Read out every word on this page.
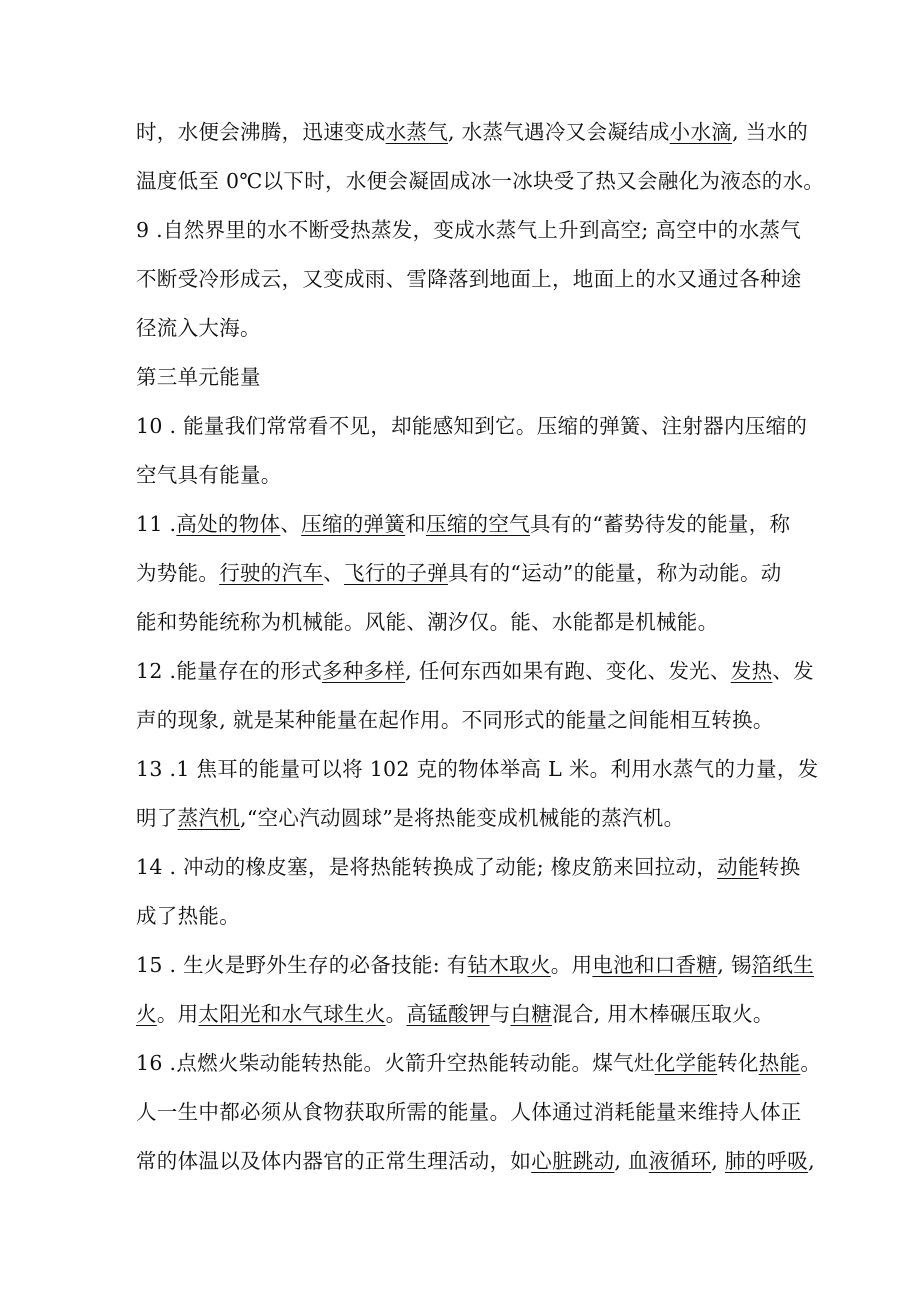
时，水便会沸腾，迅速变成水蒸气, 水蒸气遇冷又会凝结成小水滴, 当水的
温度低至 0℃以下时，水便会凝固成冰一冰块受了热又会融化为液态的水。
9 .自然界里的水不断受热蒸发，变成水蒸气上升到高空; 高空中的水蒸气
不断受冷形成云，又变成雨、雪降落到地面上，地面上的水又通过各种途
径流入大海。
第三单元能量
10 . 能量我们常常看不见，却能感知到它。压缩的弹簧、注射器内压缩的
空气具有能量。
11 .高处的物体、压缩的弹簧和压缩的空气具有的“蓄势待发的能量，称
为势能。行驶的汽车、飞行的子弹具有的“运动”的能量，称为动能。动
能和势能统称为机械能。风能、潮汐仅。能、水能都是机械能。
12 .能量存在的形式多种多样, 任何东西如果有跑、变化、发光、发热、发
声的现象, 就是某种能量在起作用。不同形式的能量之间能相互转换。
13 .1 焦耳的能量可以将 102 克的物体举高 L 米。利用水蒸气的力量，发
明了蒸汽机,“空心汽动圆球”是将热能变成机械能的蒸汽机。
14 . 冲动的橡皮塞，是将热能转换成了动能; 橡皮筋来回拉动，动能转换
成了热能。
15 . 生火是野外生存的必备技能: 有钻木取火。用电池和口香糖, 锡箔纸生
火。用太阳光和水气球生火。高锰酸钾与白糖混合, 用木棒碾压取火。
16 .点燃火柴动能转热能。火箭升空热能转动能。煤气灶化学能转化热能。
人一生中都必须从食物获取所需的能量。人体通过消耗能量来维持人体正
常的体温以及体内器官的正常生理活动，如心脏跳动, 血液循环, 肺的呼吸,
